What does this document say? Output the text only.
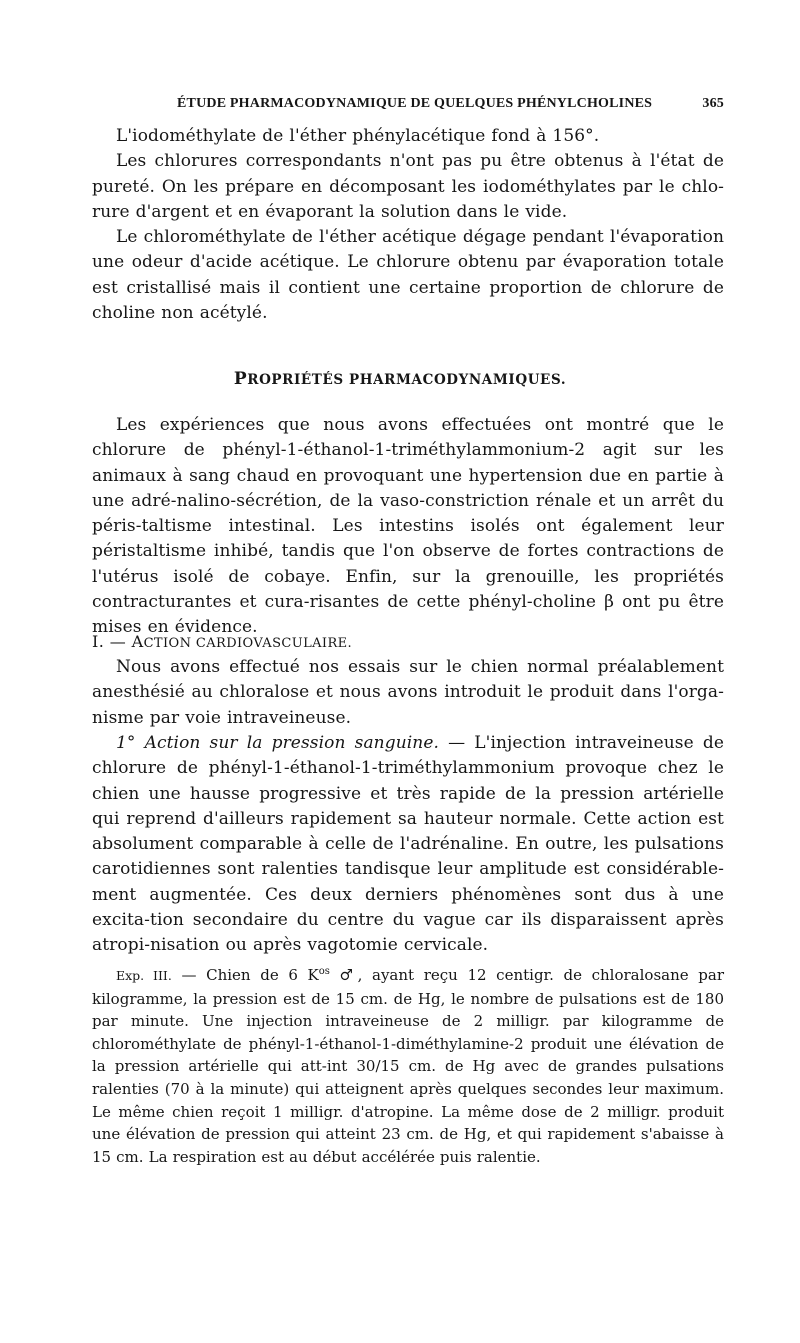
ÉTUDE PHARMACODYNAMIQUE DE QUELQUES PHÉNYLCHOLINES	365

L'iodométhylate de l'éther phénylacétique fond à 156°.

Les chlorures correspondants n'ont pas pu être obtenus à l'état de pureté. On les prépare en décomposant les iodométhylates par le chlo-rure d'argent et en évaporant la solution dans le vide.

Le chlorométhylate de l'éther acétique dégage pendant l'évaporation une odeur d'acide acétique. Le chlorure obtenu par évaporation totale est cristallisé mais il contient une certaine proportion de chlorure de choline non acétylé.

PROPRIÉTÉS PHARMACODYNAMIQUES.

Les expériences que nous avons effectuées ont montré que le chlorure de phényl-1-éthanol-1-triméthylammonium-2 agit sur les animaux à sang chaud en provoquant une hypertension due en partie à une adré-nalino-sécrétion, de la vaso-constriction rénale et un arrêt du péris-taltisme intestinal. Les intestins isolés ont également leur péristaltisme inhibé, tandis que l'on observe de fortes contractions de l'utérus isolé de cobaye. Enfin, sur la grenouille, les propriétés contracturantes et cura-risantes de cette phényl-choline β ont pu être mises en évidence.

I. — ACTION CARDIOVASCULAIRE.

Nous avons effectué nos essais sur le chien normal préalablement anesthésié au chloralose et nous avons introduit le produit dans l'orga-nisme par voie intraveineuse.

1° Action sur la pression sanguine. — L'injection intraveineuse de chlorure de phényl-1-éthanol-1-triméthylammonium provoque chez le chien une hausse progressive et très rapide de la pression artérielle qui reprend d'ailleurs rapidement sa hauteur normale. Cette action est absolument comparable à celle de l'adrénaline. En outre, les pulsations carotidiennes sont ralenties tandisque leur amplitude est considérable-ment augmentée. Ces deux derniers phénomènes sont dus à une excita-tion secondaire du centre du vague car ils disparaissent après atropi-nisation ou après vagotomie cervicale.

Exp. III. — Chien de 6 $K^{os}$ ♂, ayant reçu 12 centigr. de chloralosane par kilogramme, la pression est de 15 cm. de Hg, le nombre de pulsations est de 180 par minute. Une injection intraveineuse de 2 milligr. par kilogramme de chlorométhylate de phényl-1-éthanol-1-diméthylamine-2 produit une élévation de la pression artérielle qui att-int 30/15 cm. de Hg avec de grandes pulsations ralenties (70 à la minute) qui atteignent après quelques secondes leur maximum. Le même chien reçoit 1 milligr. d'atropine. La même dose de 2 milligr. produit une élévation de pression qui atteint 23 cm. de Hg, et qui rapidement s'abaisse à 15 cm. La respiration est au début accélérée puis ralentie.
